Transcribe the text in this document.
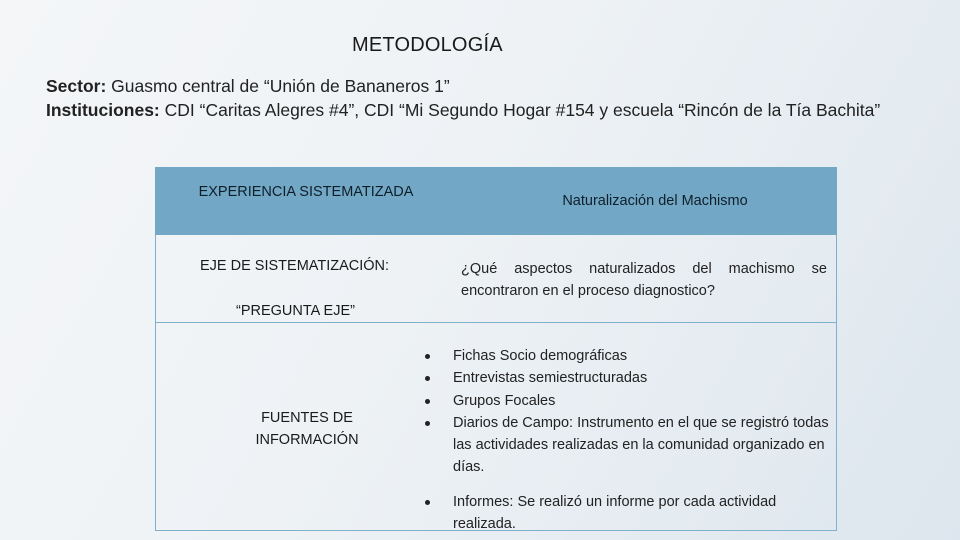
METODOLOGÍA
Sector: Guasmo central de “Unión de Bananeros 1”
Instituciones: CDI “Caritas Alegres #4”, CDI “Mi Segundo Hogar #154 y escuela “Rincón de la Tía Bachita”
EXPERIENCIA SISTEMATIZADA
Naturalización del Machismo
EJE DE SISTEMATIZACIÓN:
“PREGUNTA EJE”
¿Qué aspectos naturalizados del machismo se encontraron en el proceso diagnostico?
FUENTES DE INFORMACIÓN
Fichas Socio demográficas
Entrevistas semiestructuradas
Grupos Focales
Diarios de Campo: Instrumento en el que se registró todas las actividades realizadas en la comunidad organizado en días.
Informes: Se realizó un informe por cada actividad realizada.
